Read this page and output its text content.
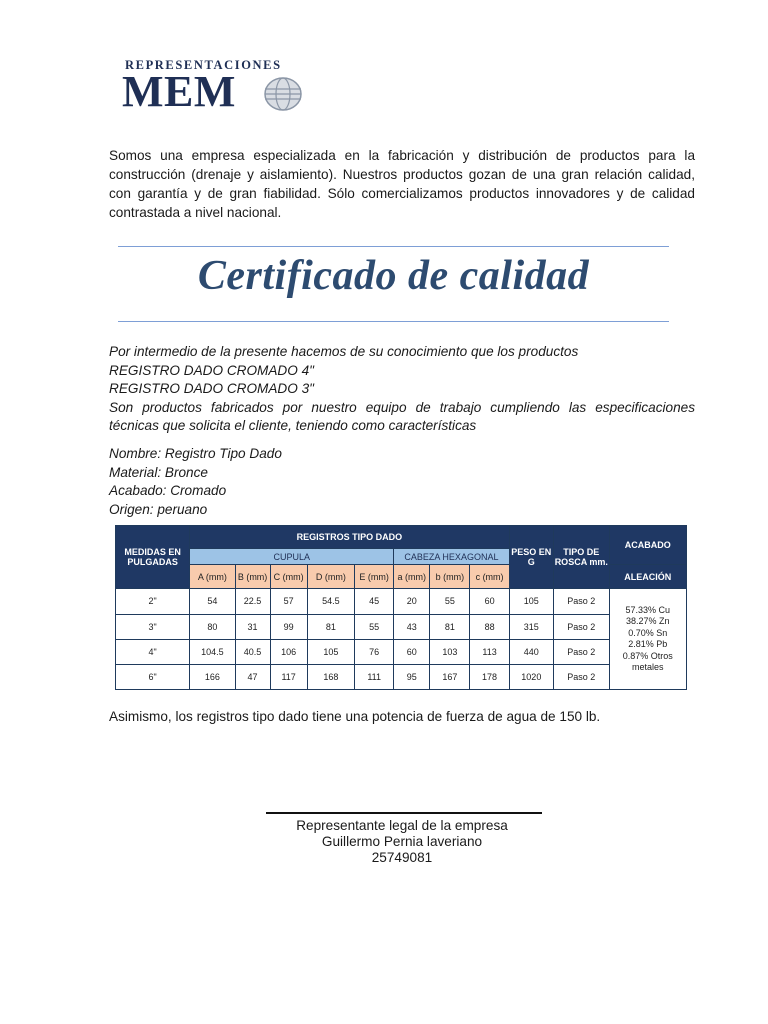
REPRESENTACIONES
MEM

Somos una empresa especializada en la fabricación y distribución de productos para la construcción (drenaje y aislamiento). Nuestros productos gozan de una gran relación calidad, con garantía y de gran fiabilidad. Sólo comercializamos productos innovadores y de calidad contrastada a nivel nacional.

Certificado de calidad
Por intermedio de la presente hacemos de su conocimiento que los productos
REGISTRO DADO CROMADO 4"
REGISTRO DADO CROMADO 3"
Son productos fabricados por nuestro equipo de trabajo cumpliendo las especificaciones técnicas que solicita el cliente, teniendo como características
Nombre: Registro Tipo Dado
Material: Bronce
Acabado: Cromado
Origen: peruano
MEDIDAS EN PULGADAS	REGISTROS TIPO DADO								PESO EN G	TIPO DE ROSCA mm.	ACABADO
	CUPULA					CABEZA HEXAGONAL					
	A (mm)	B (mm)	C (mm)	D (mm)	E (mm)	a (mm)	b (mm)	c (mm)			ALEACIÓN
2"	54	22.5	57	54.5	45	20	55	60	105	Paso 2	57.33% Cu
38.27% Zn
0.70% Sn
2.81% Pb
0.87% Otros metales

3"	80	31	99	81	55	43	81	88	315	Paso 2	
4"	104.5	40.5	106	105	76	60	103	113	440	Paso 2	
6"	166	47	117	168	111	95	167	178	1020	Paso 2	

Asimismo, los registros tipo dado tiene una potencia de fuerza de agua de 150 lb.

Representante legal de la empresa
Guillermo Pernia laveriano
25749081
